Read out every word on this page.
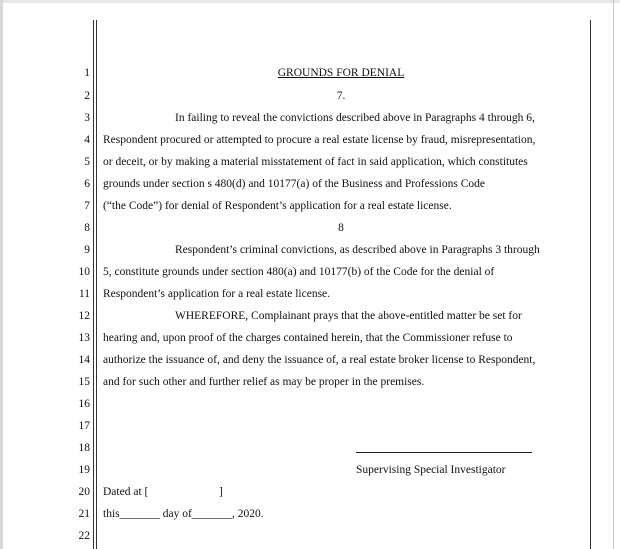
1
2
3
4
5
6
7
8
9
10
11
12
13
14
15
16
17
18
19
20
21
22
GROUNDS FOR DENIAL
7.
In failing to reveal the convictions described above in Paragraphs 4 through 6,
Respondent procured or attempted to procure a real estate license by fraud, misrepresentation,
or deceit, or by making a material misstatement of fact in said application, which constitutes
grounds under section s 480(d) and 10177(a) of the Business and Professions Code
(“the Code”) for denial of Respondent’s application for a real estate license.
8
Respondent’s criminal convictions, as described above in Paragraphs 3 through
5, constitute grounds under section 480(a) and 10177(b) of the Code for the denial of
Respondent’s application for a real estate license.
WHEREFORE, Complainant prays that the above-entitled matter be set for
hearing and, upon proof of the charges contained herein, that the Commissioner refuse to
authorize the issuance of, and deny the issuance of, a real estate broker license to Respondent,
and for such other and further relief as may be proper in the premises.
Supervising Special Investigator
Dated at [	]
this_______ day of_______, 2020.
